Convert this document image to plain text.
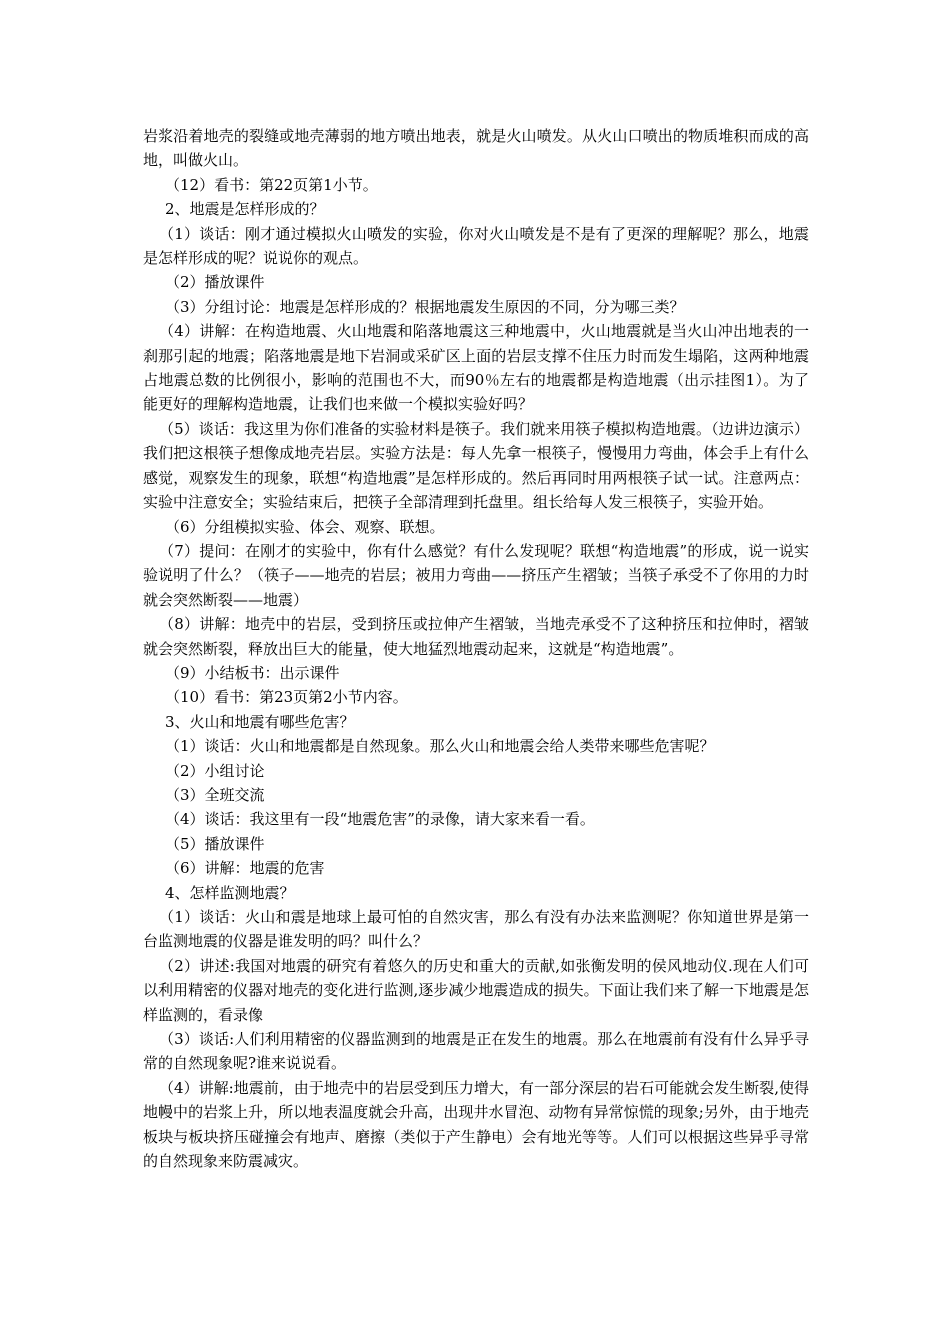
岩浆沿着地壳的裂缝或地壳薄弱的地方喷出地表，就是火山喷发。从火山口喷出的物质堆积而成的高地，叫做火山。

（12）看书：第22页第1小节。

2、地震是怎样形成的？

（1）谈话：刚才通过模拟火山喷发的实验，你对火山喷发是不是有了更深的理解呢？那么，地震是怎样形成的呢？说说你的观点。

（2）播放课件

（3）分组讨论：地震是怎样形成的？根据地震发生原因的不同，分为哪三类？

（4）讲解：在构造地震、火山地震和陷落地震这三种地震中，火山地震就是当火山冲出地表的一刹那引起的地震；陷落地震是地下岩洞或采矿区上面的岩层支撑不住压力时而发生塌陷，这两种地震占地震总数的比例很小，影响的范围也不大，而90％左右的地震都是构造地震（出示挂图1）。为了能更好的理解构造地震，让我们也来做一个模拟实验好吗？

（5）谈话：我这里为你们准备的实验材料是筷子。我们就来用筷子模拟构造地震。（边讲边演示）我们把这根筷子想像成地壳岩层。实验方法是：每人先拿一根筷子，慢慢用力弯曲，体会手上有什么感觉，观察发生的现象，联想“构造地震”是怎样形成的。然后再同时用两根筷子试一试。注意两点：实验中注意安全；实验结束后，把筷子全部清理到托盘里。组长给每人发三根筷子，实验开始。

（6）分组模拟实验、体会、观察、联想。

（7）提问：在刚才的实验中，你有什么感觉？有什么发现呢？联想“构造地震”的形成，说一说实验说明了什么？（筷子——地壳的岩层；被用力弯曲——挤压产生褶皱；当筷子承受不了你用的力时就会突然断裂——地震）

（8）讲解：地壳中的岩层，受到挤压或拉伸产生褶皱，当地壳承受不了这种挤压和拉伸时，褶皱就会突然断裂，释放出巨大的能量，使大地猛烈地震动起来，这就是“构造地震”。

（9）小结板书：出示课件

（10）看书：第23页第2小节内容。

3、火山和地震有哪些危害？

（1）谈话：火山和地震都是自然现象。那么火山和地震会给人类带来哪些危害呢？

（2）小组讨论

（3）全班交流

（4）谈话：我这里有一段“地震危害”的录像，请大家来看一看。

（5）播放课件

（6）讲解：地震的危害

4、怎样监测地震？

（1）谈话：火山和震是地球上最可怕的自然灾害，那么有没有办法来监测呢？你知道世界是第一台监测地震的仪器是谁发明的吗？叫什么？

（2）讲述:我国对地震的研究有着悠久的历史和重大的贡献,如张衡发明的侯风地动仪.现在人们可以利用精密的仪器对地壳的变化进行监测,逐步减少地震造成的损失。下面让我们来了解一下地震是怎样监测的，看录像

（3）谈话:人们利用精密的仪器监测到的地震是正在发生的地震。那么在地震前有没有什么异乎寻常的自然现象呢?谁来说说看。

（4）讲解:地震前，由于地壳中的岩层受到压力增大，有一部分深层的岩石可能就会发生断裂,使得地幔中的岩浆上升，所以地表温度就会升高，出现井水冒泡、动物有异常惊慌的现象;另外，由于地壳板块与板块挤压碰撞会有地声、磨擦（类似于产生静电）会有地光等等。人们可以根据这些异乎寻常的自然现象来防震减灾。
